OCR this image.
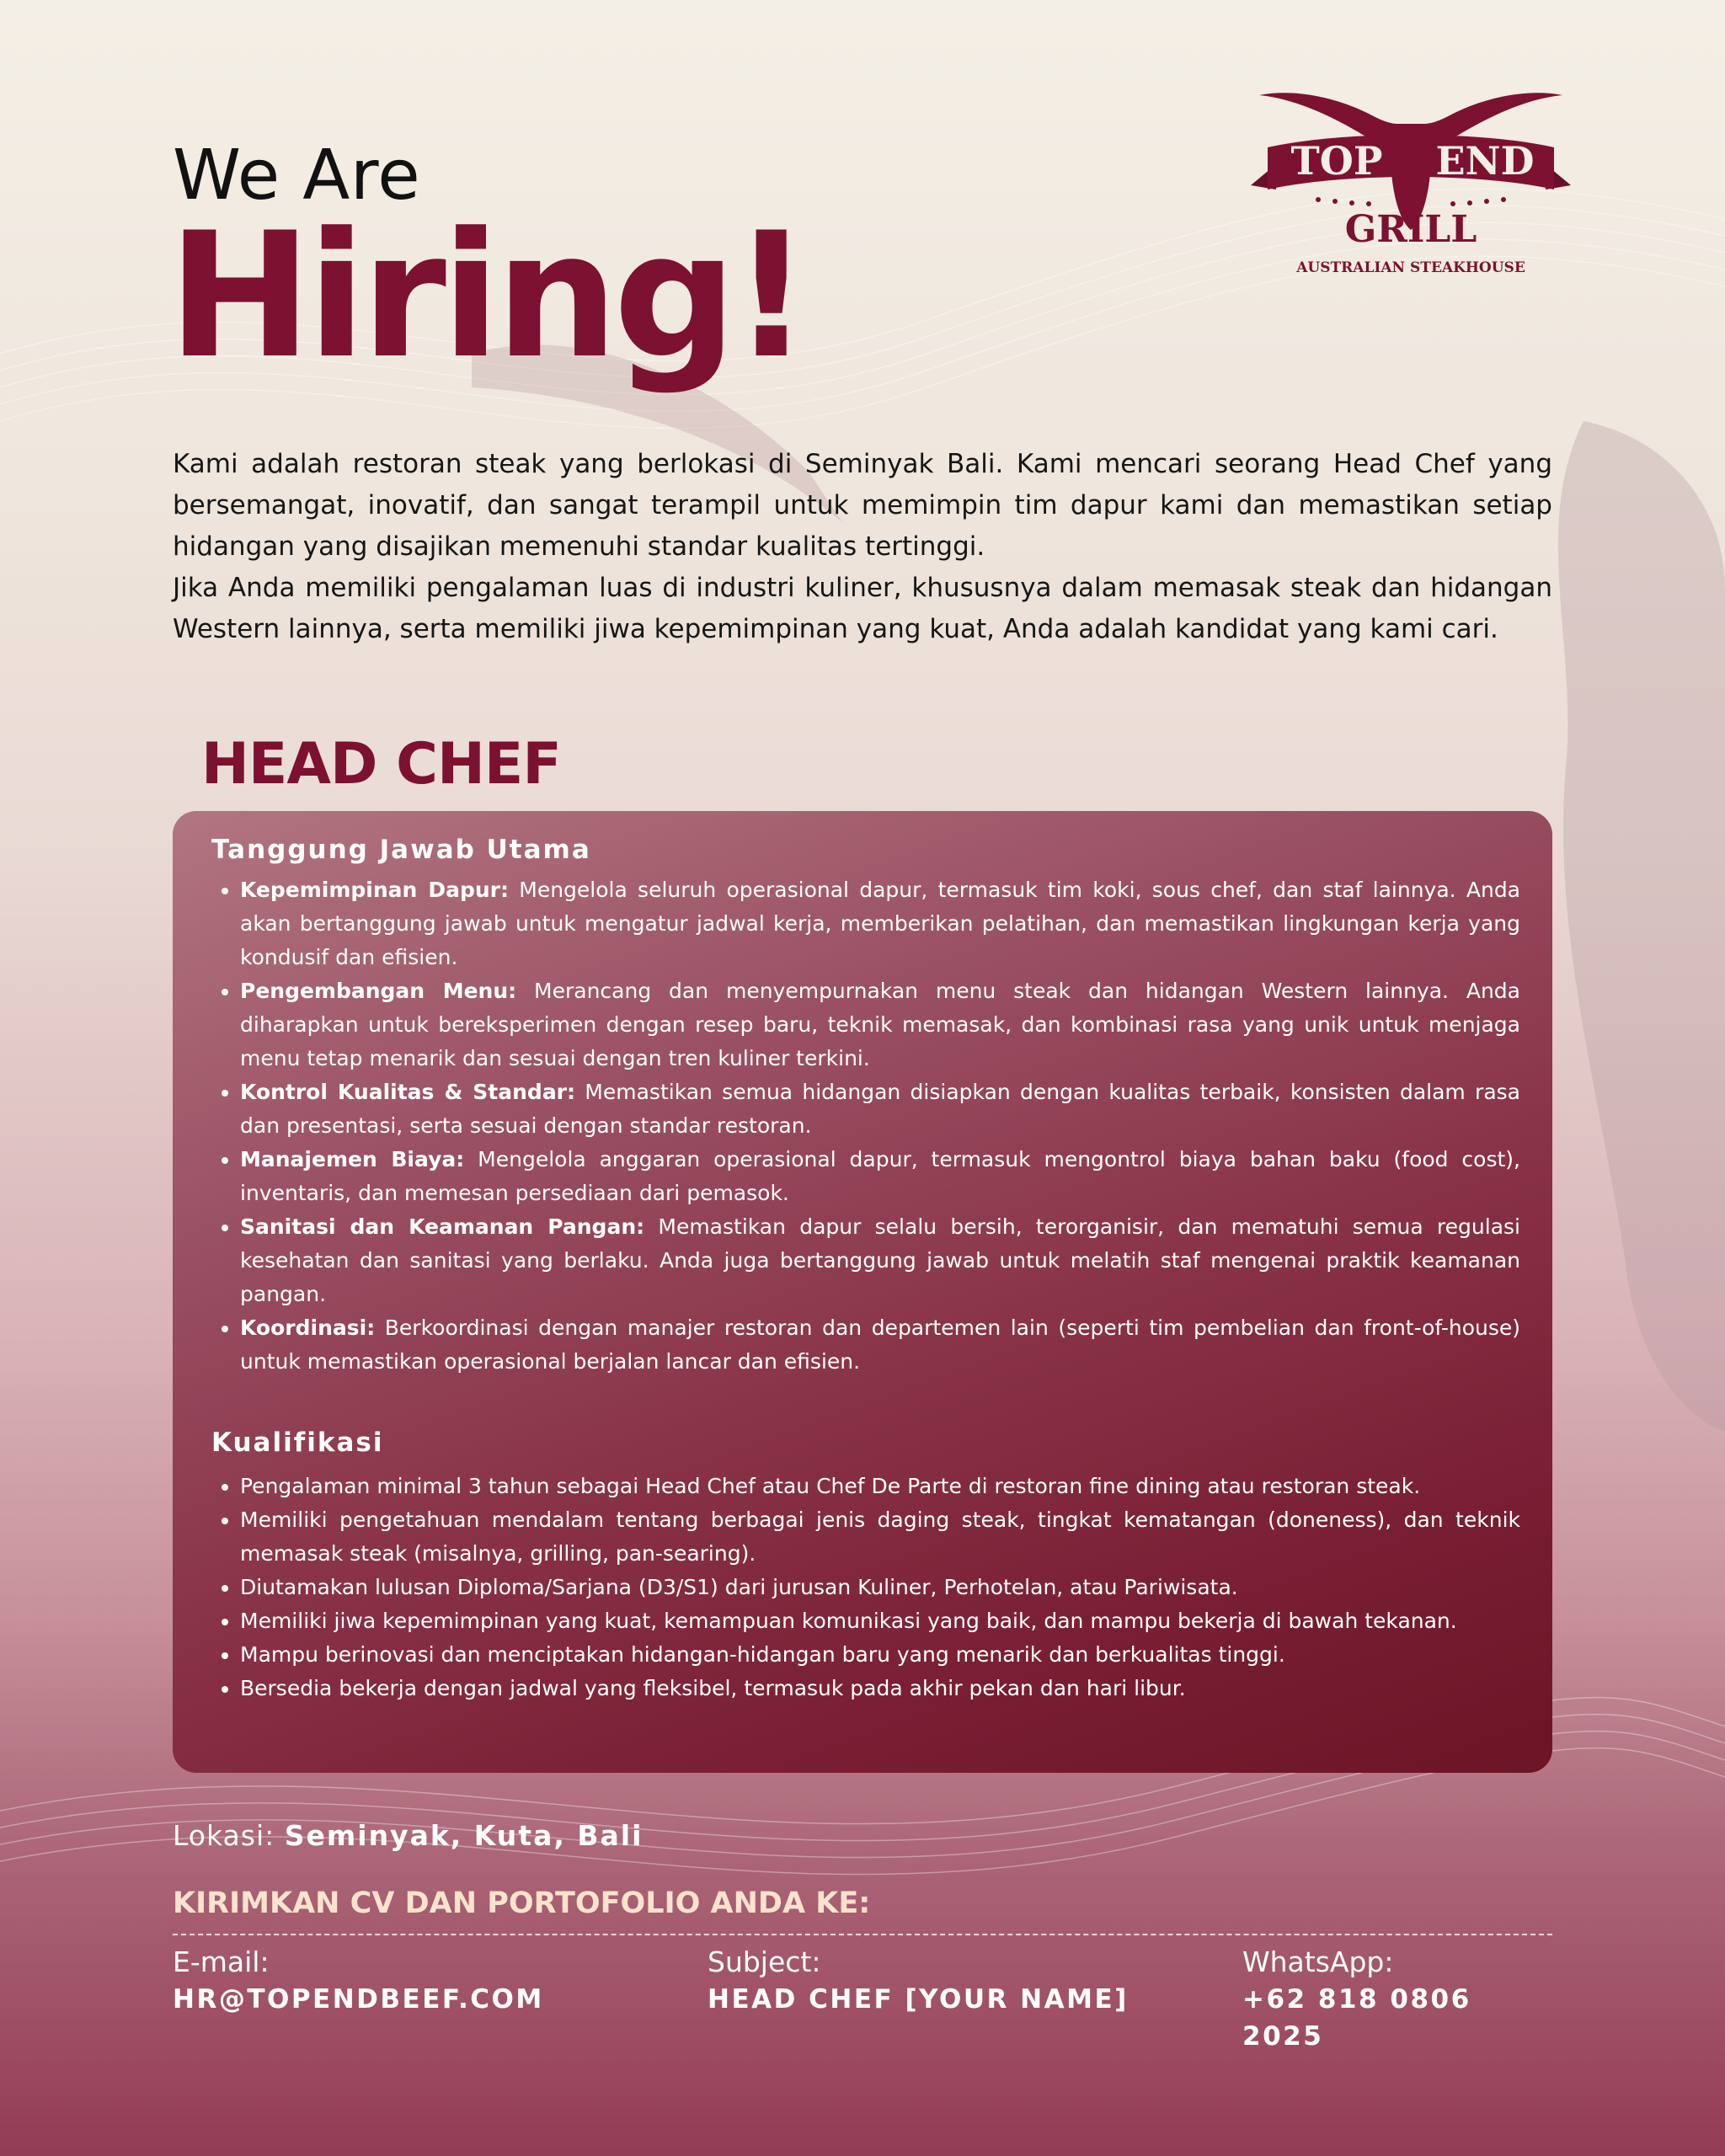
We Are
Hiring!
TOP END
GRILL
AUSTRALIAN STEAKHOUSE

Kami adalah restoran steak yang berlokasi di Seminyak Bali. Kami mencari seorang Head Chef yang bersemangat, inovatif, dan sangat terampil untuk memimpin tim dapur kami dan memastikan setiap hidangan yang disajikan memenuhi standar kualitas tertinggi.

Jika Anda memiliki pengalaman luas di industri kuliner, khususnya dalam memasak steak dan hidangan Western lainnya, serta memiliki jiwa kepemimpinan yang kuat, Anda adalah kandidat yang kami cari.

HEAD CHEF
Tanggung Jawab Utama
• Kepemimpinan Dapur: Mengelola seluruh operasional dapur, termasuk tim koki, sous chef, dan staf lainnya. Anda akan bertanggung jawab untuk mengatur jadwal kerja, memberikan pelatihan, dan memastikan lingkungan kerja yang kondusif dan efisien.
• Pengembangan Menu: Merancang dan menyempurnakan menu steak dan hidangan Western lainnya. Anda diharapkan untuk bereksperimen dengan resep baru, teknik memasak, dan kombinasi rasa yang unik untuk menjaga menu tetap menarik dan sesuai dengan tren kuliner terkini.
• Kontrol Kualitas & Standar: Memastikan semua hidangan disiapkan dengan kualitas terbaik, konsisten dalam rasa dan presentasi, serta sesuai dengan standar restoran.
• Manajemen Biaya: Mengelola anggaran operasional dapur, termasuk mengontrol biaya bahan baku (food cost), inventaris, dan memesan persediaan dari pemasok.
• Sanitasi dan Keamanan Pangan: Memastikan dapur selalu bersih, terorganisir, dan mematuhi semua regulasi kesehatan dan sanitasi yang berlaku. Anda juga bertanggung jawab untuk melatih staf mengenai praktik keamanan pangan.
• Koordinasi: Berkoordinasi dengan manajer restoran dan departemen lain (seperti tim pembelian dan front-of-house) untuk memastikan operasional berjalan lancar dan efisien.
Kualifikasi
• Pengalaman minimal 3 tahun sebagai Head Chef atau Chef De Parte di restoran fine dining atau restoran steak.
• Memiliki pengetahuan mendalam tentang berbagai jenis daging steak, tingkat kematangan (doneness), dan teknik memasak steak (misalnya, grilling, pan-searing).
• Diutamakan lulusan Diploma/Sarjana (D3/S1) dari jurusan Kuliner, Perhotelan, atau Pariwisata.
• Memiliki jiwa kepemimpinan yang kuat, kemampuan komunikasi yang baik, dan mampu bekerja di bawah tekanan.
• Mampu berinovasi dan menciptakan hidangan-hidangan baru yang menarik dan berkualitas tinggi.
• Bersedia bekerja dengan jadwal yang fleksibel, termasuk pada akhir pekan dan hari libur.
Lokasi: Seminyak, Kuta, Bali
KIRIMKAN CV DAN PORTOFOLIO ANDA KE:
E-mail:
HR@TOPENDBEEF.COM
Subject:
HEAD CHEF [YOUR NAME]
WhatsApp:
+62 818 0806 2025
